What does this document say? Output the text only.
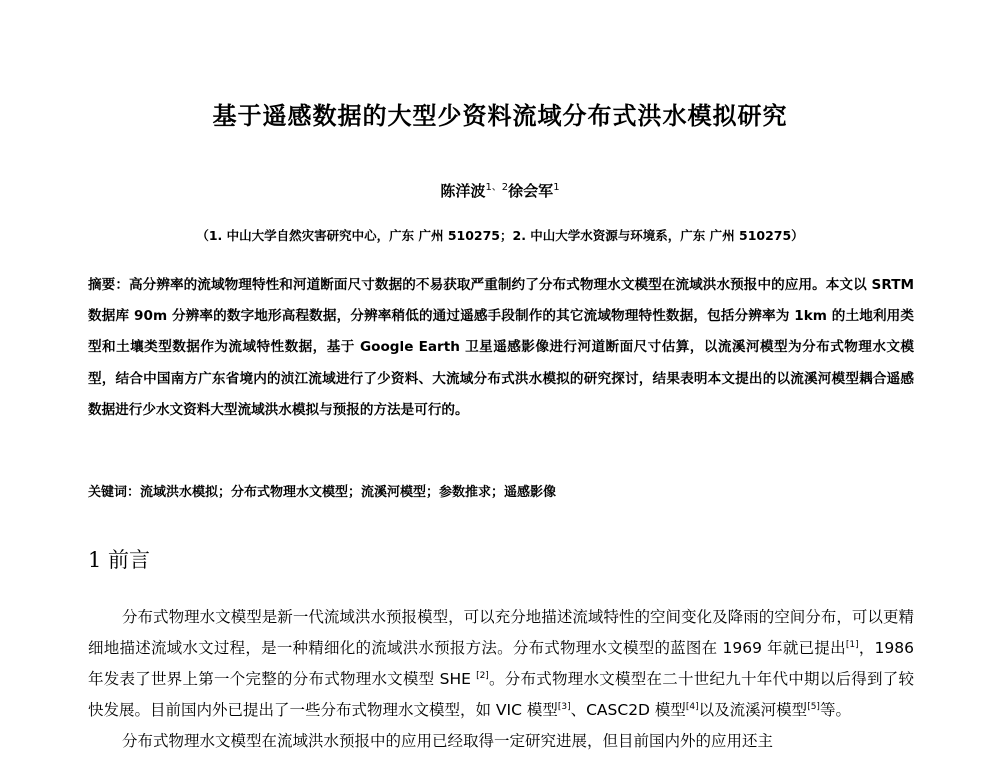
基于遥感数据的大型少资料流域分布式洪水模拟研究
陈洋波$^{1、2}$徐会军$^1$
（1. 中山大学自然灾害研究中心，广东 广州 510275；2. 中山大学水资源与环境系，广东 广州 510275）
摘要：高分辨率的流域物理特性和河道断面尺寸数据的不易获取严重制约了分布式物理水文模型在流域洪水预报中的应用。本文以 SRTM 数据库 90m 分辨率的数字地形高程数据，分辨率稍低的通过遥感手段制作的其它流域物理特性数据，包括分辨率为 1km 的土地利用类型和土壤类型数据作为流域特性数据，基于 Google Earth 卫星遥感影像进行河道断面尺寸估算，以流溪河模型为分布式物理水文模型，结合中国南方广东省境内的浈江流域进行了少资料、大流域分布式洪水模拟的研究探讨，结果表明本文提出的以流溪河模型耦合遥感数据进行少水文资料大型流域洪水模拟与预报的方法是可行的。
关键词：流域洪水模拟；分布式物理水文模型；流溪河模型；参数推求；遥感影像
1 前言

分布式物理水文模型是新一代流域洪水预报模型，可以充分地描述流域特性的空间变化及降雨的空间分布，可以更精细地描述流域水文过程，是一种精细化的流域洪水预报方法。分布式物理水文模型的蓝图在 1969 年就已提出[1]，1986 年发表了世界上第一个完整的分布式物理水文模型 SHE [2]。分布式物理水文模型在二十世纪九十年代中期以后得到了较快发展。目前国内外已提出了一些分布式物理水文模型，如 VIC 模型[3]、CASC2D 模型[4]以及流溪河模型[5]等。

分布式物理水文模型在流域洪水预报中的应用已经取得一定研究进展，但目前国内外的应用还主
